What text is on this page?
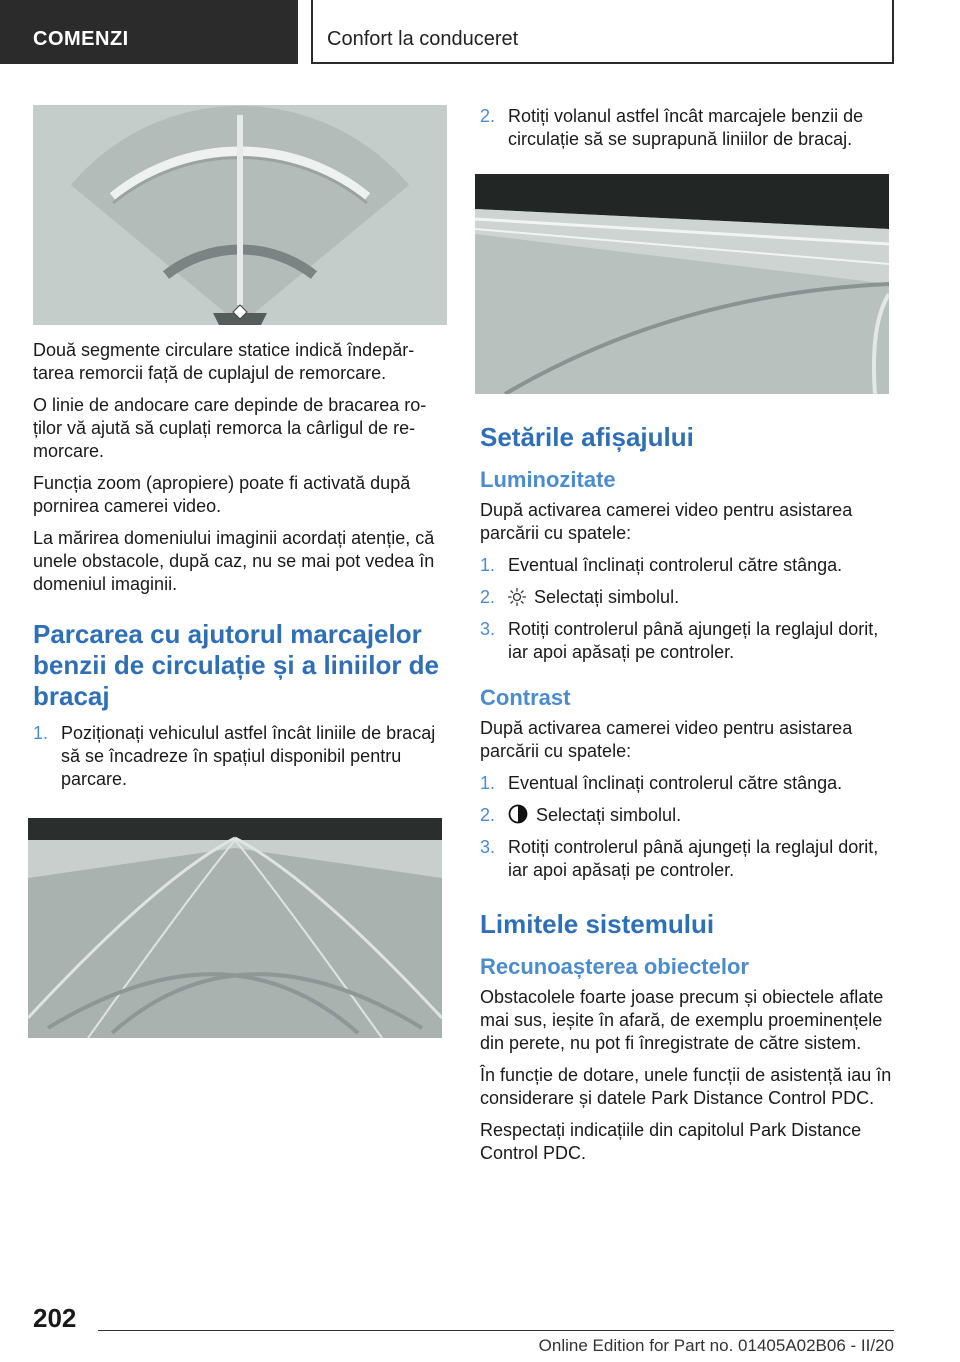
COMENZI	Confort la conduceret

Două segmente circulare statice indică îndepărtarea remorcii față de cuplajul de remorcare.

O linie de andocare care depinde de bracarea roților vă ajută să cuplați remorca la cârligul de remorcare.

Funcția zoom (apropiere) poate fi activată după pornirea camerei video.

La mărirea domeniului imaginii acordați atenție, că unele obstacole, după caz, nu se mai pot vedea în domeniul imaginii.

Parcarea cu ajutorul marcajelor benzii de circulație și a liniilor de bracaj
1. Poziționați vehiculul astfel încât liniile de bracaj să se încadreze în spațiul disponibil pentru parcare.
2. Rotiți volanul astfel încât marcajele benzii de circulație să se suprapună liniilor de bracaj.
Setările afișajului
Luminozitate

După activarea camerei video pentru asistarea parcării cu spatele:

1. Eventual înclinați controlerul către stânga.
2. Selectați simbolul.
3. Rotiți controlerul până ajungeți la reglajul dorit, iar apoi apăsați pe controler.
Contrast

După activarea camerei video pentru asistarea parcării cu spatele:

1. Eventual înclinați controlerul către stânga.
2. Selectați simbolul.
3. Rotiți controlerul până ajungeți la reglajul dorit, iar apoi apăsați pe controler.
Limitele sistemului
Recunoașterea obiectelor

Obstacolele foarte joase precum și obiectele aflate mai sus, ieșite în afară, de exemplu proeminențele din perete, nu pot fi înregistrate de către sistem.

În funcție de dotare, unele funcții de asistență iau în considerare și datele Park Distance Control PDC.

Respectați indicațiile din capitolul Park Distance Control PDC.

202
Online Edition for Part no. 01405A02B06 - II/20
